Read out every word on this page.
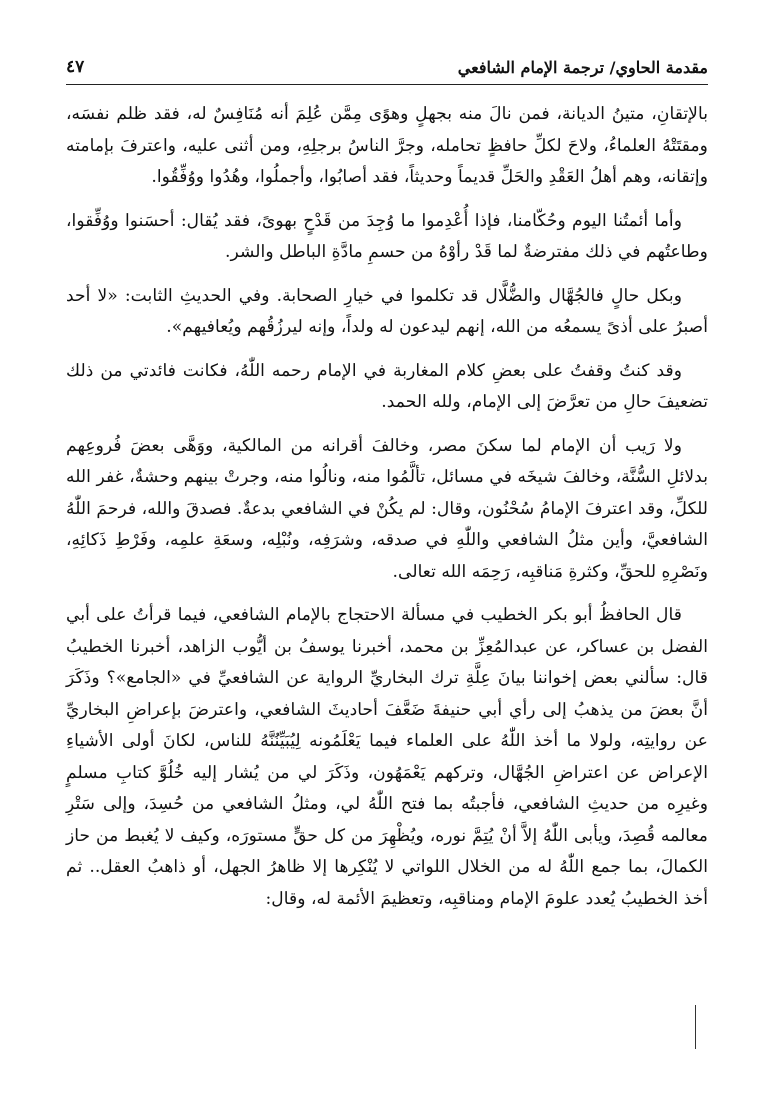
مقدمة الحاوي/ ترجمة الإمام الشافعي
٤٧

بالإتقانِ، متينُ الديانة، فمن نالَ منه بجهلٍ وهوًى مِمَّن عُلِمَ أنه مُنَافِسٌ له، فقد ظلم نفسَه، ومقتَتْهُ العلماءُ، ولاحَ لكلِّ حافظٍ تحامله، وجرَّ الناسُ برجلِهِ، ومن أثنى عليه، واعترفَ بإمامته وإتقانه، وهم أهلُ العَقْدِ والحَلِّ قديماً وحديثاً، فقد أصابُوا، وأجملُوا، وهُدُوا ووُفِّقُوا.

وأما أئمتُنا اليوم وحُكّامنا، فإذا أُعْدِموا ما وُجِدَ من قَدْحٍ بهوىً، فقد يُقال: أحسَنوا ووُفِّقوا، وطاعتُهم في ذلك مفترضةٌ لما قَدْ رأوْهُ من حسمِ مادَّةِ الباطل والشر.

وبكل حالٍ فالجُهَّال والضُّلَّال قد تكلموا في خيارِ الصحابة. وفي الحديثِ الثابت: «لا أحد أصبرُ على أذىً يسمعُه من الله، إنهم ليدعون له ولداً، وإنه ليرزُقُهم ويُعافيهم».

وقد كنتُ وقفتُ على بعضِ كلام المغاربة في الإمام رحمه اللّٰهُ، فكانت فائدتي من ذلك تضعيفَ حالِ من تعرَّضَ إلى الإمام، ولله الحمد.

ولا رَيب أن الإمام لما سكنَ مصر، وخالفَ أقرانه من المالكية، ووَهَّى بعضَ فُروعِهم بدلائلِ السُّنَّة، وخالفَ شيخَه في مسائل، تألَّمُوا منه، ونالُوا منه، وجرتْ بينهم وحشةٌ، غفر الله للكلِّ، وقد اعترفَ الإمامُ سُحْنُون، وقال: لم يكُنْ في الشافعي بدعةٌ. فصدقَ والله، فرحمَ اللّٰهُ الشافعيَّ، وأين مثلُ الشافعي واللّٰهِ في صدقه، وشرَفِه، ونُبْلِه، وسعَةِ علمِه، وفَرْطِ ذَكائِهِ، ونَصْرِهِ للحقِّ، وكثرةِ مَناقبِه، رَحِمَه الله تعالى.

قال الحافظُ أبو بكر الخطيب في مسألة الاحتجاج بالإمام الشافعي، فيما قرأتُ على أبي الفضل بن عساكر، عن عبدالمُعِزِّ بن محمد، أخبرنا يوسفُ بن أيُّوب الزاهد، أخبرنا الخطيبُ قال: سألني بعض إخواننا بيانَ عِلَّةِ ترك البخاريِّ الرواية عن الشافعيِّ في «الجامع»؟ وذَكَرَ أنَّ بعضَ من يذهبُ إلى رأي أبي حنيفةَ ضَعَّفَ أحاديثَ الشافعي، واعترضَ بإعراضِ البخاريِّ عن روايتِه، ولولا ما أخذ اللّٰهُ على العلماء فيما يَعْلَمُونه لِيُبَيِّنُنَّهُ للناس، لكانَ أولى الأشياءِ الإعراض عن اعتراضِ الجُهَّال، وتركهم يَعْمَهُون، وذَكَرَ لي من يُشار إليه خُلُوَّ كتابِ مسلمٍ وغيرِه من حديثِ الشافعي، فأجبتُه بما فتح اللّٰهُ لي، ومثلُ الشافعي من حُسِدَ، وإلى سَتْرِ معالمه قُصِدَ، ويأبى اللّٰهُ إلاَّ أنْ يُتِمَّ نوره، ويُظْهِرَ من كل حقٍّ مستورَه، وكيف لا يُغبط من حاز الكمالَ، بما جمع اللّٰهُ له من الخلال اللواتي لا يُنْكِرها إلا ظاهرُ الجهل، أو ذاهبُ العقل.. ثم أخذ الخطيبُ يُعدد علومَ الإمام ومناقبِه، وتعظيمَ الأئمة له، وقال:
